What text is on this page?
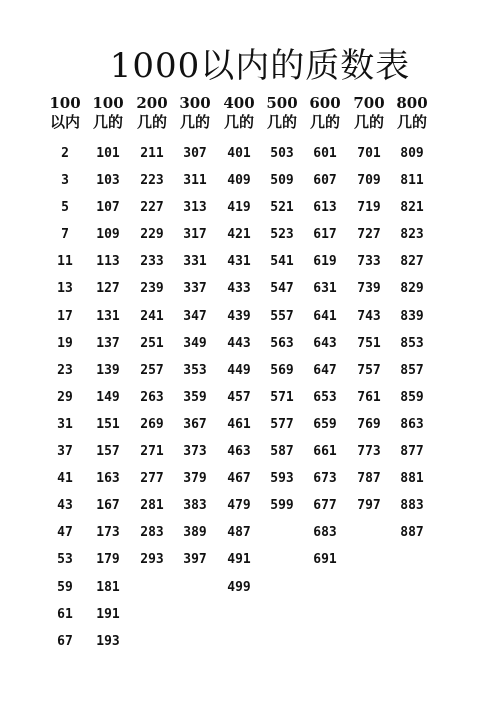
1000以内的质数表
100
以内
2
3
5
7
11
13
17
19
23
29
31
37
41
43
47
53
59
61
67
100
几的
101
103
107
109
113
127
131
137
139
149
151
157
163
167
173
179
181
191
193
200
几的
211
223
227
229
233
239
241
251
257
263
269
271
277
281
283
293
300
几的
307
311
313
317
331
337
347
349
353
359
367
373
379
383
389
397
400
几的
401
409
419
421
431
433
439
443
449
457
461
463
467
479
487
491
499
500
几的
503
509
521
523
541
547
557
563
569
571
577
587
593
599
600
几的
601
607
613
617
619
631
641
643
647
653
659
661
673
677
683
691
700
几的
701
709
719
727
733
739
743
751
757
761
769
773
787
797
800
几的
809
811
821
823
827
829
839
853
857
859
863
877
881
883
887
